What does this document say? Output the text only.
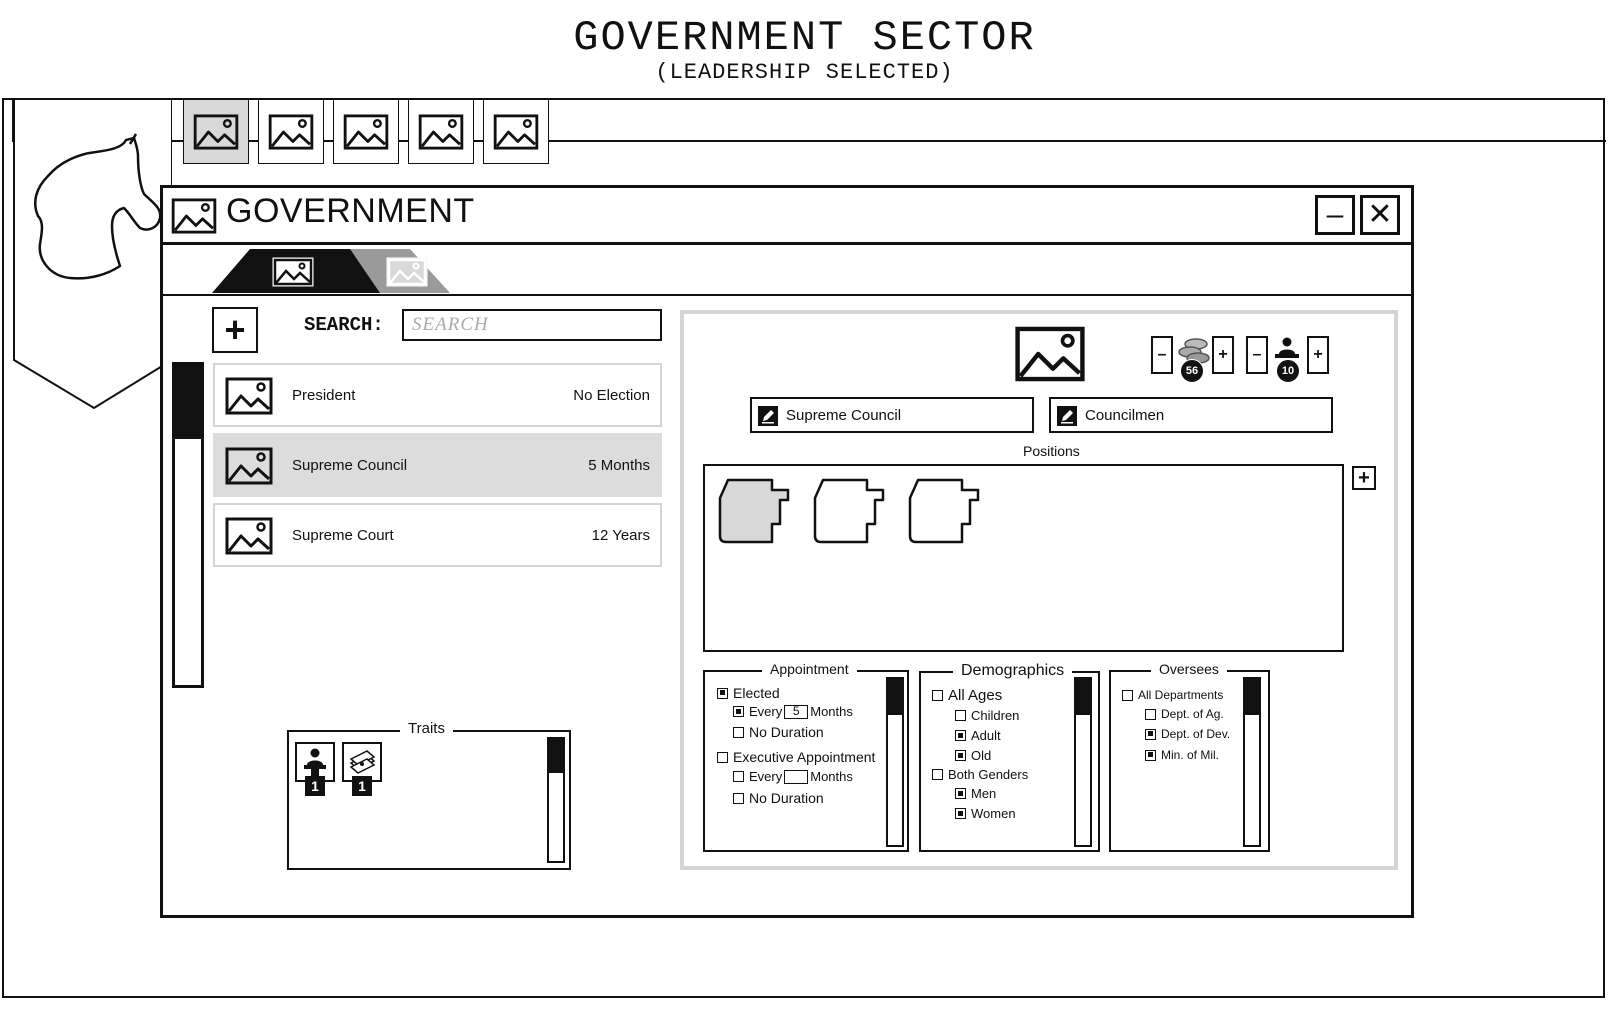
GOVERNMENT SECTOR
(LEADERSHIP SELECTED)
GOVERNMENT	– ✕
+	SEARCH:
SEARCH
President	No Election
Supreme Council	5 Months
Supreme Court	12 Years
Traits
1	1
–
56
+	–
10
+
Supreme Council	Councilmen
Positions
+
Appointment
Elected
Every 5 Months
No Duration
Executive Appointment
Every Months
No Duration
Demographics
All Ages
Children
Adult
Old
Both Genders
Men
Women
Oversees
All Departments
Dept. of Ag.
Dept. of Dev.
Min. of Mil.
